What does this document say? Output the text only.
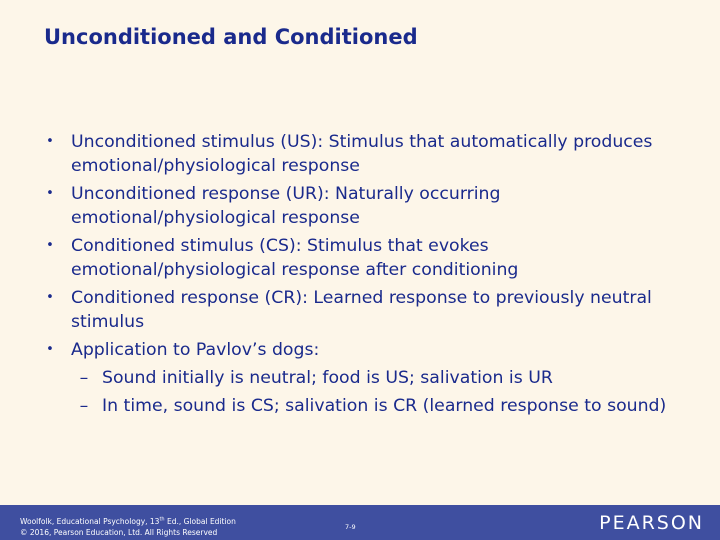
Unconditioned and Conditioned
• Unconditioned stimulus (US): Stimulus that automatically produces emotional/physiological response
• Unconditioned response (UR): Naturally occurring emotional/physiological response
• Conditioned stimulus (CS): Stimulus that evokes emotional/physiological response after conditioning
• Conditioned response (CR): Learned response to previously neutral stimulus
• Application to Pavlov’s dogs:
– Sound initially is neutral; food is US; salivation is UR
– In time, sound is CS; salivation is CR (learned response to sound)
Woolfolk, Educational Psychology, 13th Ed., Global Edition
© 2016, Pearson Education, Ltd. All Rights Reserved
7-9	PEARSON
